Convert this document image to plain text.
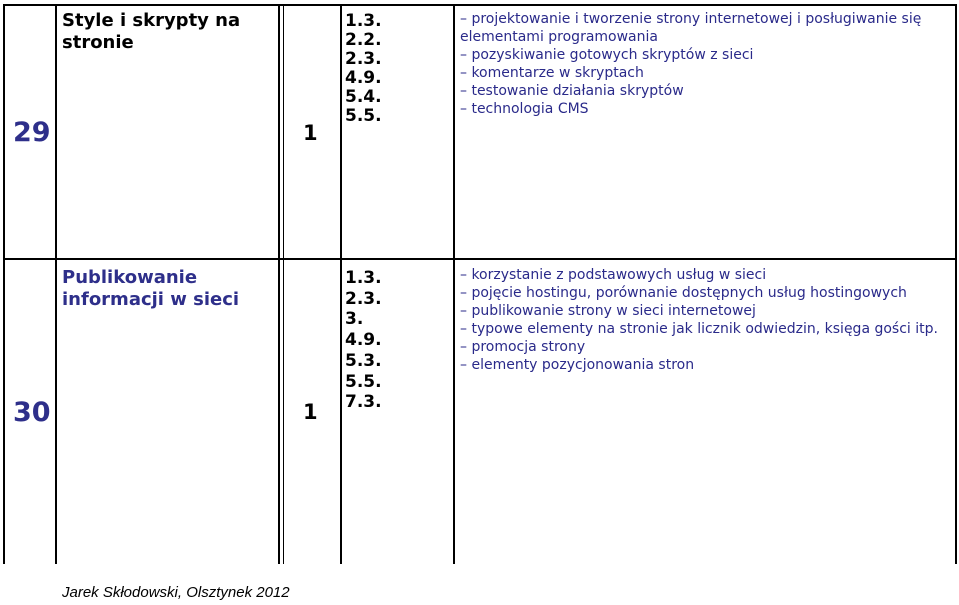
29
Style i skrypty na stronie
1
1.3.
2.2.
2.3.
4.9.
5.4.
5.5.
– projektowanie i tworzenie strony internetowej i posługiwanie się
elementami programowania
– pozyskiwanie gotowych skryptów z sieci
– komentarze w skryptach
– testowanie działania skryptów
– technologia CMS
30
Publikowanie informacji w sieci
1
1.3.
2.3.
3.
4.9.
5.3.
5.5.
7.3.
– korzystanie z podstawowych usług w sieci
– pojęcie hostingu, porównanie dostępnych usług hostingowych
– publikowanie strony w sieci internetowej
– typowe elementy na stronie jak licznik odwiedzin, księga gości itp.
– promocja strony
– elementy pozycjonowania stron
Jarek Skłodowski, Olsztynek 2012
